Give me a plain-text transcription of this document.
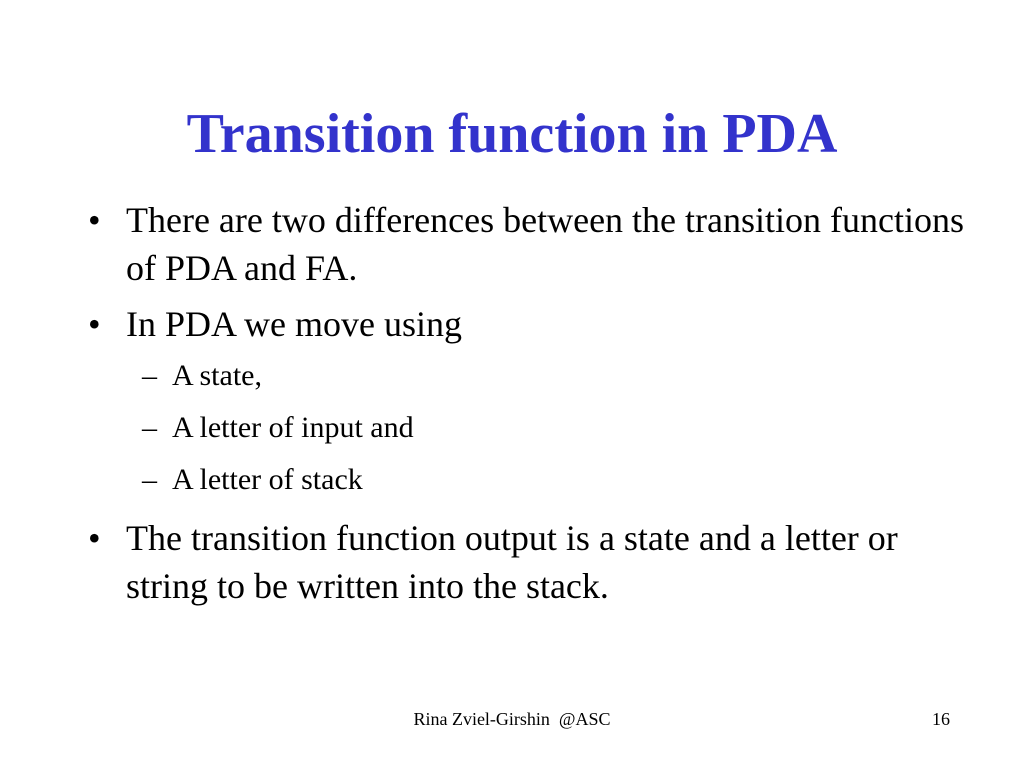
Transition function in PDA
• There are two differences between the transition functions of PDA and FA.
• In PDA we move using
– A state,
– A letter of input and
– A letter of stack
• The transition function output is a state and a letter or string to be written into the stack.
Rina Zviel-Girshin  @ASC	16
